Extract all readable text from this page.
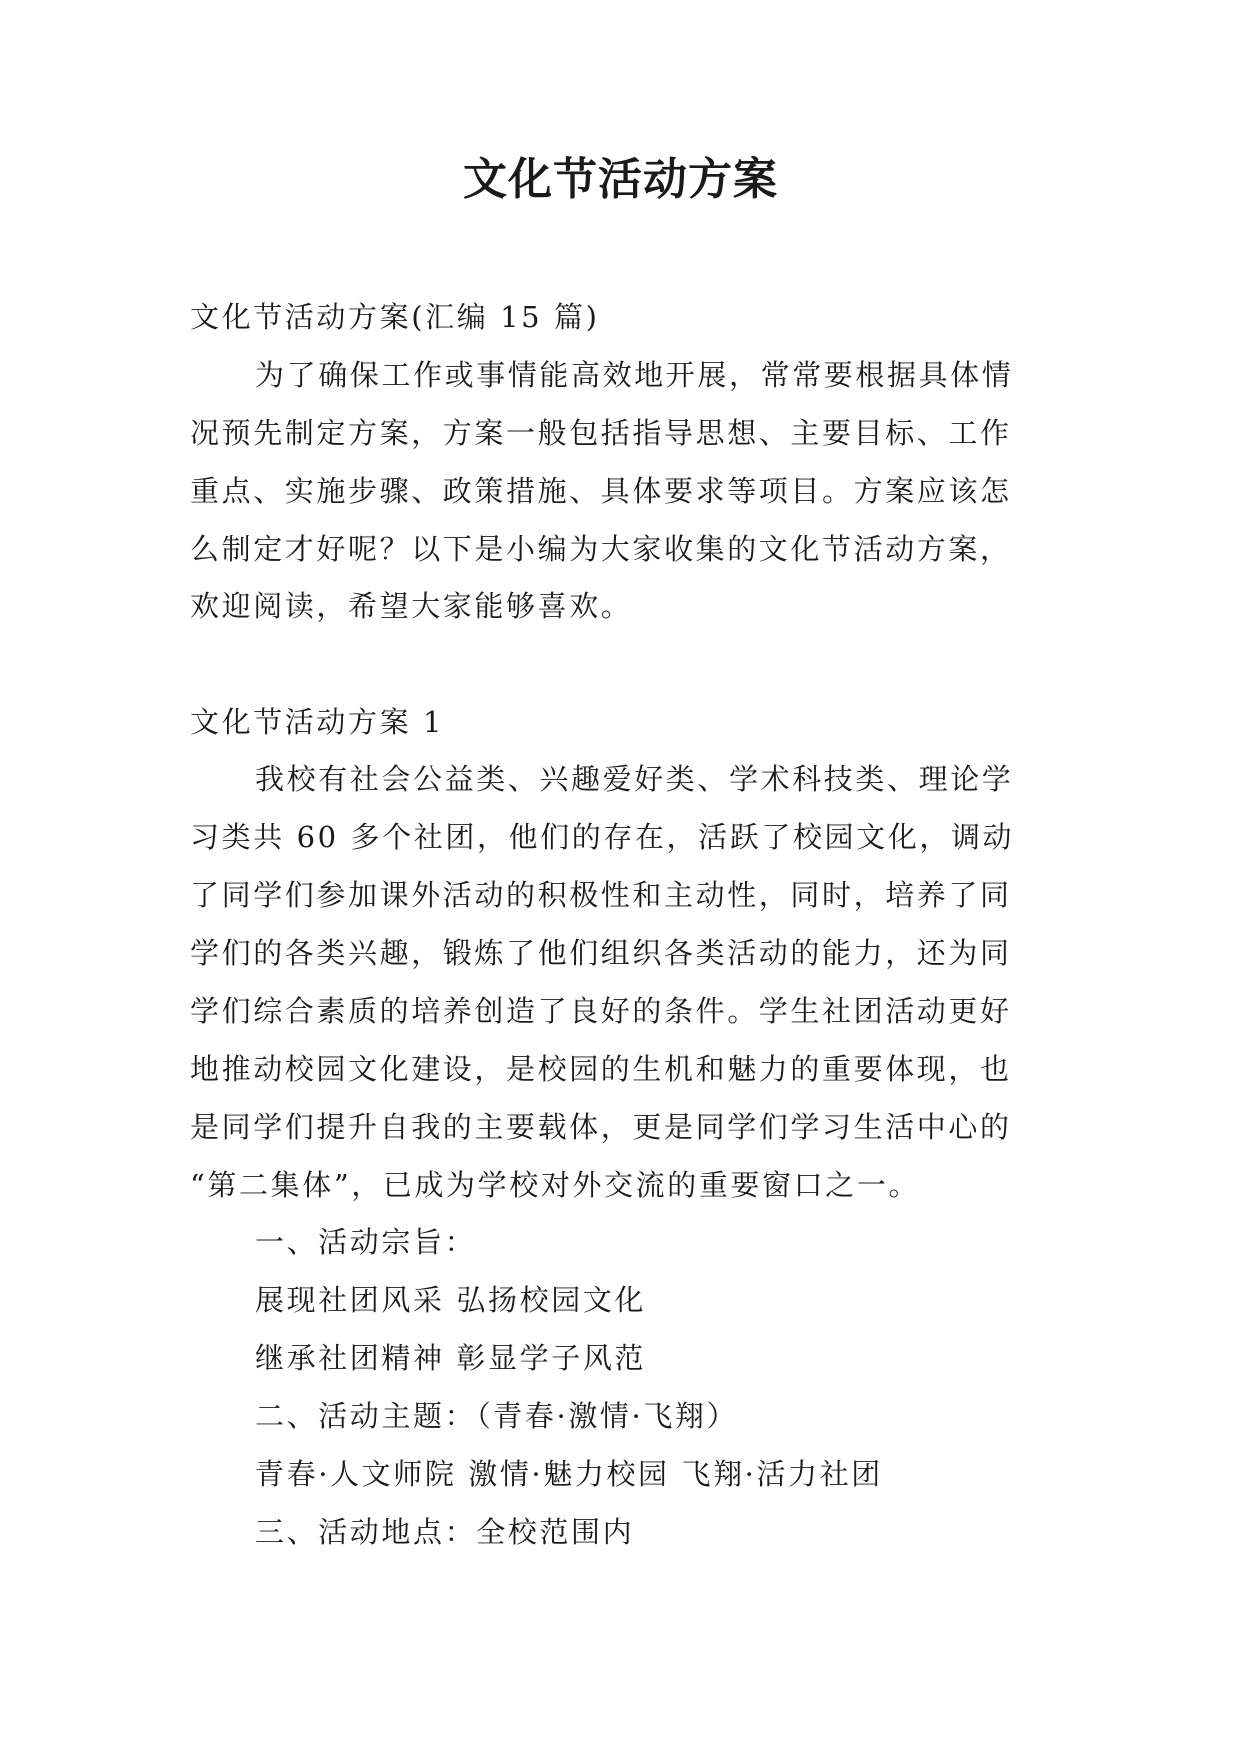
文化节活动方案

文化节活动方案(汇编 15 篇)

为了确保工作或事情能高效地开展，常常要根据具体情

况预先制定方案，方案一般包括指导思想、主要目标、工作

重点、实施步骤、政策措施、具体要求等项目。方案应该怎

么制定才好呢？以下是小编为大家收集的文化节活动方案，

欢迎阅读，希望大家能够喜欢。

文化节活动方案 1

我校有社会公益类、兴趣爱好类、学术科技类、理论学

习类共 60 多个社团，他们的存在，活跃了校园文化，调动

了同学们参加课外活动的积极性和主动性，同时，培养了同

学们的各类兴趣，锻炼了他们组织各类活动的能力，还为同

学们综合素质的培养创造了良好的条件。学生社团活动更好

地推动校园文化建设，是校园的生机和魅力的重要体现，也

是同学们提升自我的主要载体，更是同学们学习生活中心的

“第二集体”，已成为学校对外交流的重要窗口之一。

一、活动宗旨：

展现社团风采 弘扬校园文化

继承社团精神 彰显学子风范

二、活动主题：（青春·激情·飞翔）

青春·人文师院 激情·魅力校园 飞翔·活力社团

三、活动地点：全校范围内
